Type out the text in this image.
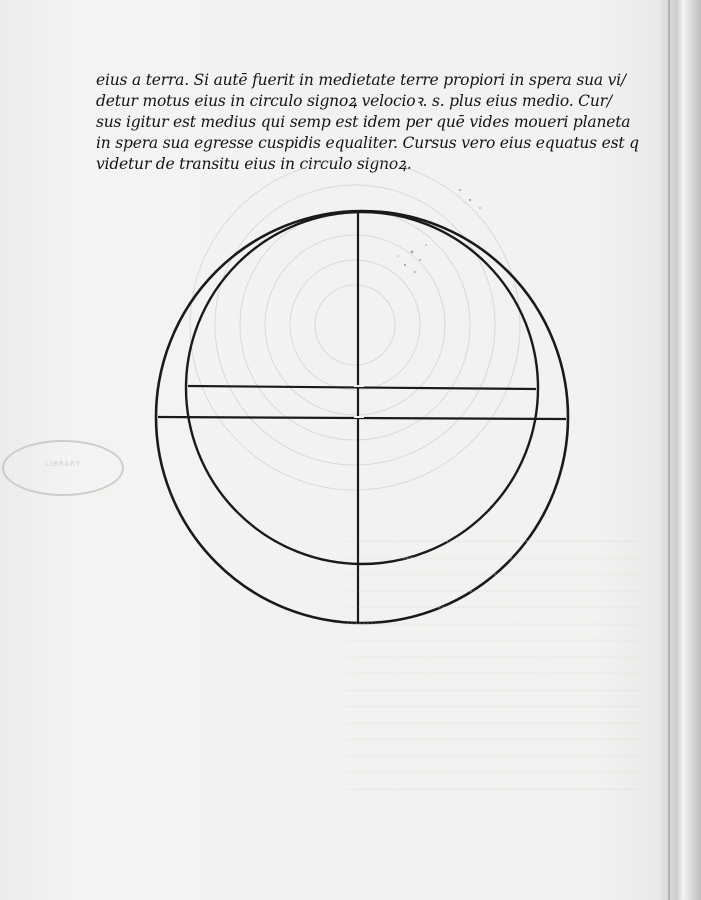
LIBRARY
eius a terra. Si autē fuerit in medietate terre propiori in spera sua vi/
detur motus eius in circulo signoꝝ velocioꝛ. s. plus eius medio. Cur/
sus igitur est medius qui semp est idem per quē vides moueri planeta
in spera sua egresse cuspidis equaliter. Cursus vero eius equatus est q
videtur de transitu eius in circulo signoꝝ.
..........................................................................
..........................................................................
..........................................................................
..........................................................................
..........................................................................
..........................................................................
..........................................................................
..........................................................................
..........................................................................
..........................................................................
..........................................................................
..........................................................................
..........................................................................
..........................................................................
..........................................................................
..........................................................................
